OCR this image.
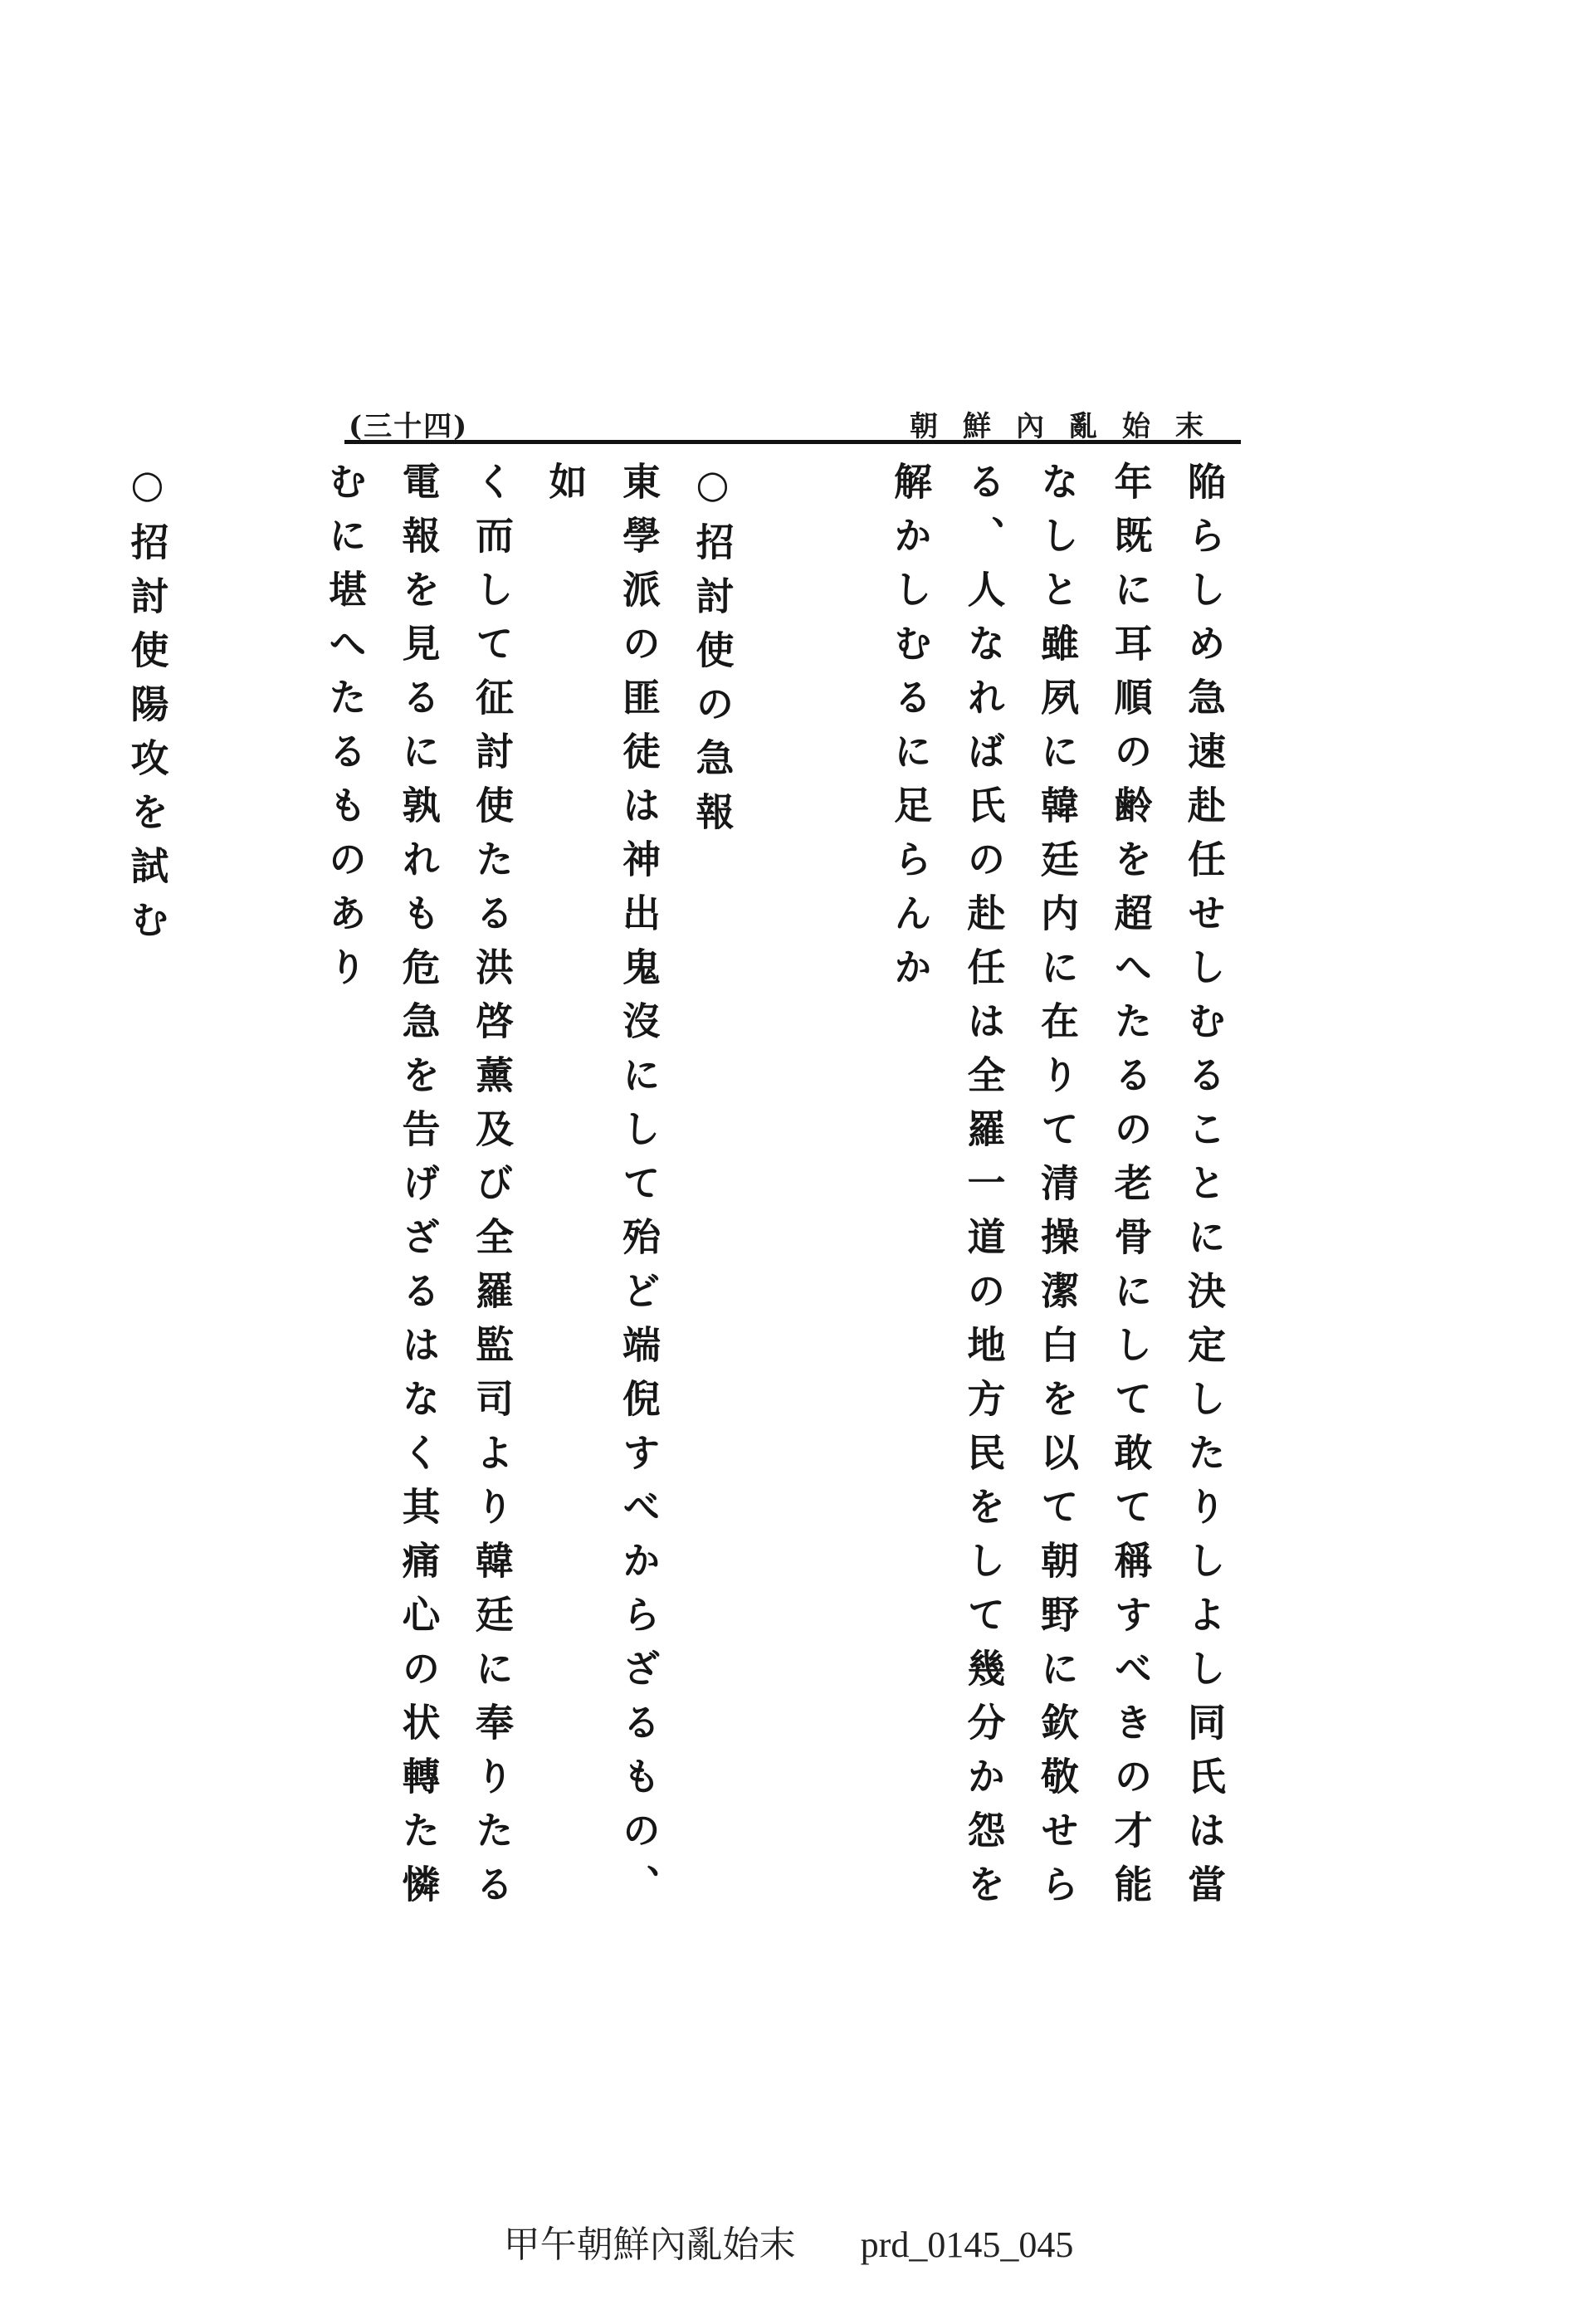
(三十四)	朝鮮內亂始末

陥らしめ急速赴任せしむることに決定したりしよし同氏は當

年既に耳順の齢を超へたるの老骨にして敢て稱すべきの才能

なしと雖夙に韓廷内に在りて清操潔白を以て朝野に欽敬せら

る、人なれば氏の赴任は全羅一道の地方民をして幾分か怨を

解かしむるに足らんか

○招討使の急報

東學派の匪徒は神出鬼沒にして殆ど端倪すべからざるもの、如

く而して征討使たる洪啓薰及び全羅監司より韓廷に奉りたる

電報を見るに孰れも危急を告げざるはなく其痛心の状轉た憐

むに堪へたるものあり

○招討使陽攻を試む

甲午朝鮮內亂始末 prd_0145_045
